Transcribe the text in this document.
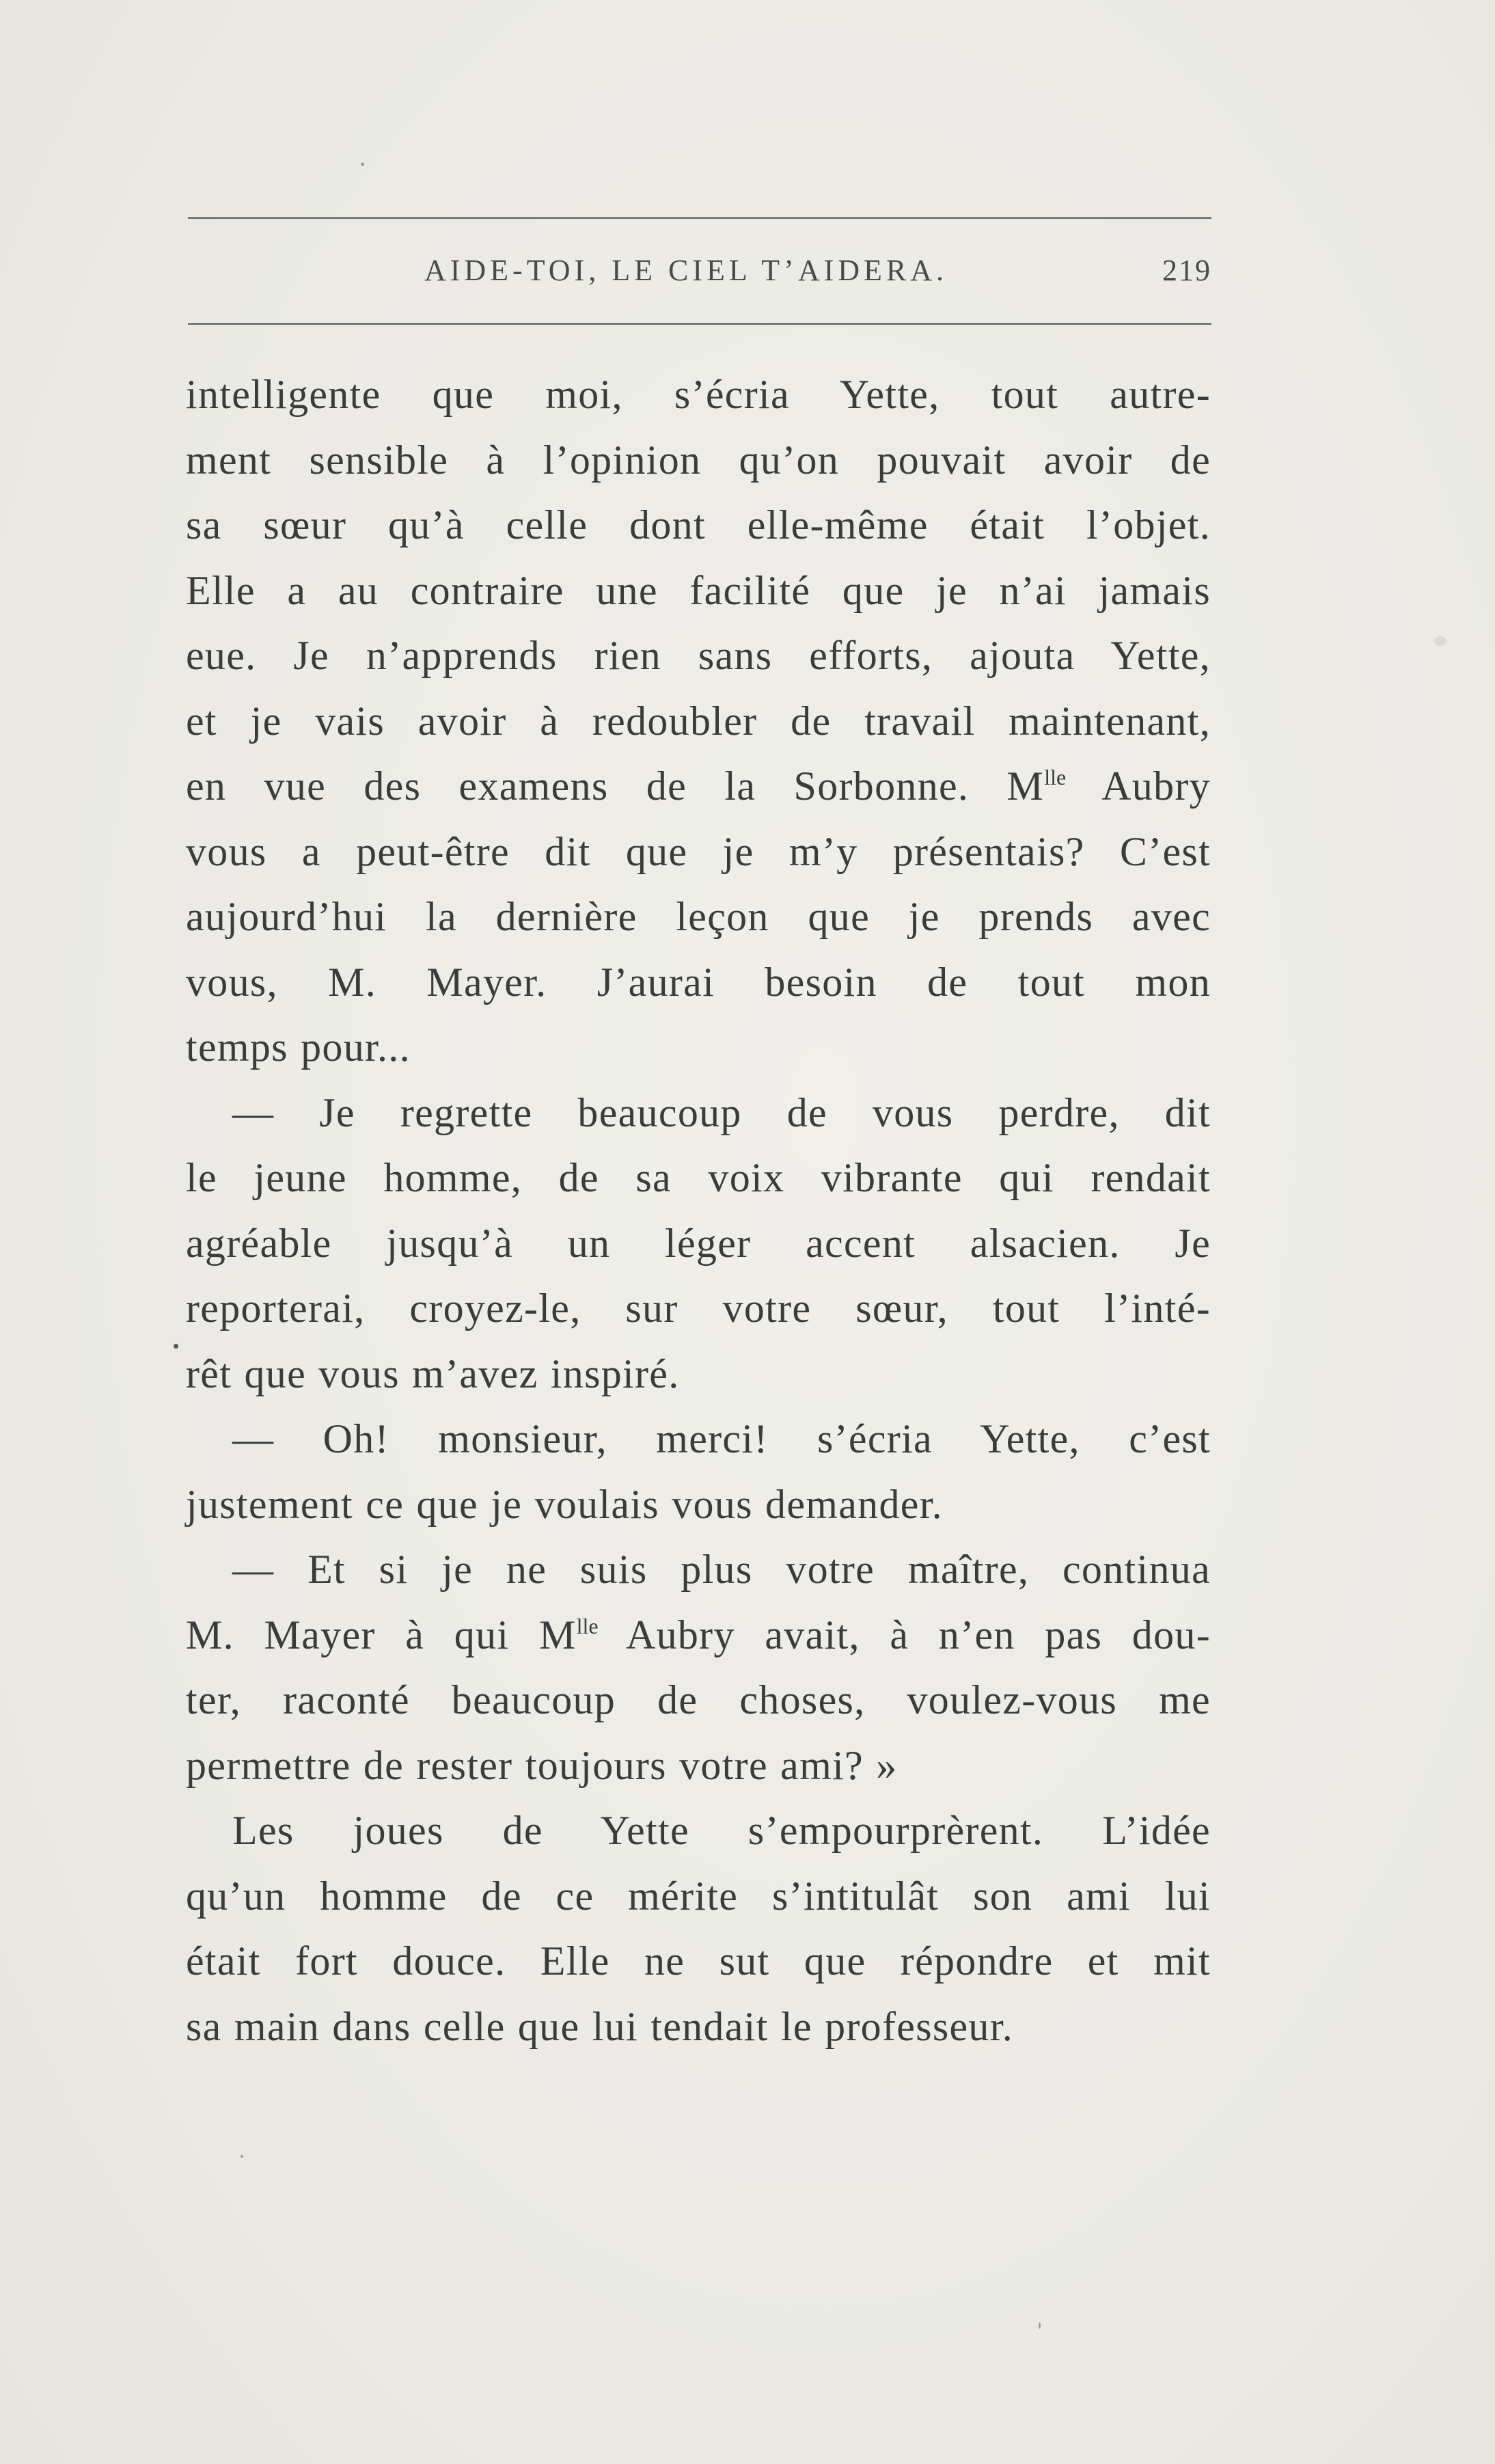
AIDE-TOI, LE CIEL T’AIDERA.	219
intelligente que moi, s’écria Yette, tout autre-
ment sensible à l’opinion qu’on pouvait avoir de
sa sœur qu’à celle dont elle-même était l’objet.
Elle a au contraire une facilité que je n’ai jamais
eue. Je n’apprends rien sans efforts, ajouta Yette,
et je vais avoir à redoubler de travail maintenant,
en vue des examens de la Sorbonne. $M^{lle}$ Aubry
vous a peut-être dit que je m’y présentais? C’est
aujourd’hui la dernière leçon que je prends avec
vous, M. Mayer. J’aurai besoin de tout mon
temps pour...
— Je regrette beaucoup de vous perdre, dit
le jeune homme, de sa voix vibrante qui rendait
agréable jusqu’à un léger accent alsacien. Je
reporterai, croyez-le, sur votre sœur, tout l’inté-
rêt que vous m’avez inspiré.
— Oh! monsieur, merci! s’écria Yette, c’est
justement ce que je voulais vous demander.
— Et si je ne suis plus votre maître, continua
M. Mayer à qui $M^{lle}$ Aubry avait, à n’en pas dou-
ter, raconté beaucoup de choses, voulez-vous me
permettre de rester toujours votre ami? »
Les joues de Yette s’empourprèrent. L’idée
qu’un homme de ce mérite s’intitulât son ami lui
était fort douce. Elle ne sut que répondre et mit
sa main dans celle que lui tendait le professeur.
